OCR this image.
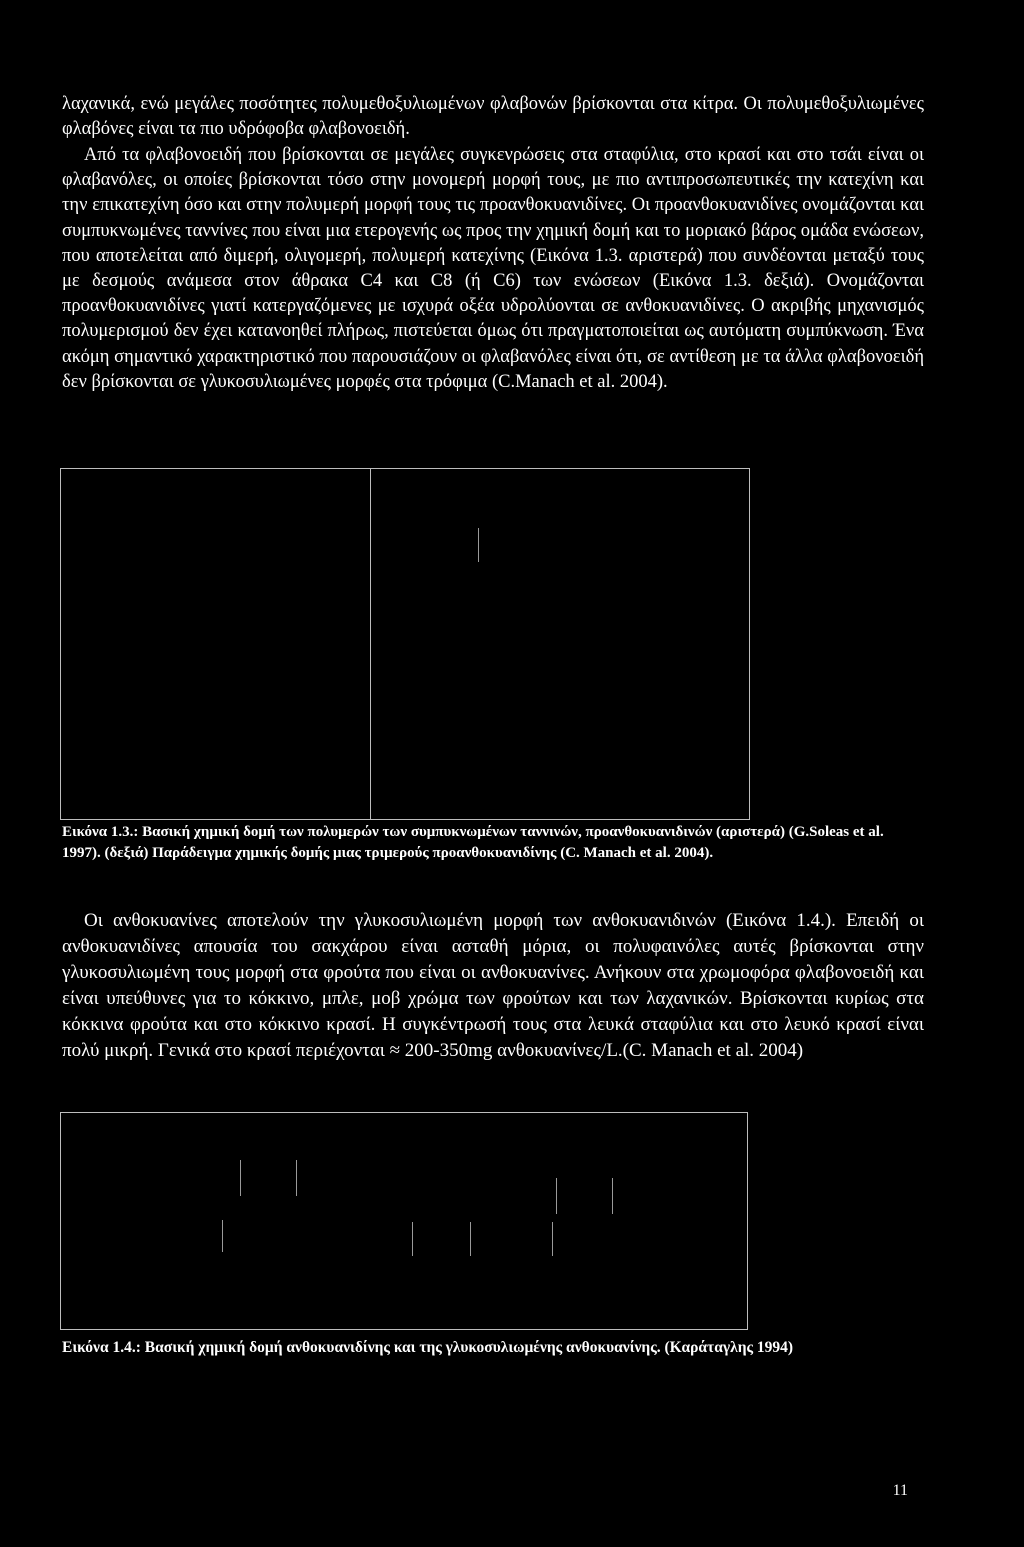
λαχανικά, ενώ μεγάλες ποσότητες πολυμεθοξυλιωμένων φλαβονών βρίσκονται στα κίτρα. Οι πολυμεθοξυλιωμένες φλαβόνες είναι τα πιο υδρόφοβα φλαβονοειδή.

Από τα φλαβονοειδή που βρίσκονται σε μεγάλες συγκενρώσεις στα σταφύλια, στο κρασί και στο τσάι είναι οι φλαβανόλες, οι οποίες βρίσκονται τόσο στην μονομερή μορφή τους, με πιο αντιπροσωπευτικές την κατεχίνη και την επικατεχίνη όσο και στην πολυμερή μορφή τους τις προανθοκυανιδίνες. Οι προανθοκυανιδίνες ονομάζονται και συμπυκνωμένες ταννίνες που είναι μια ετερογενής ως προς την χημική δομή και το μοριακό βάρος ομάδα ενώσεων, που αποτελείται από διμερή, ολιγομερή, πολυμερή κατεχίνης (Εικόνα 1.3. αριστερά) που συνδέονται μεταξύ τους με δεσμούς ανάμεσα στον άθρακα C4 και C8 (ή C6) των ενώσεων (Εικόνα 1.3. δεξιά). Ονομάζονται προανθοκυανιδίνες γιατί κατεργαζόμενες με ισχυρά οξέα υδρολύονται σε ανθοκυανιδίνες. Ο ακριβής μηχανισμός πολυμερισμού δεν έχει κατανοηθεί πλήρως, πιστεύεται όμως ότι πραγματοποιείται ως αυτόματη συμπύκνωση. Ένα ακόμη σημαντικό χαρακτηριστικό που παρουσιάζουν οι φλαβανόλες είναι ότι, σε αντίθεση με τα άλλα φλαβονοειδή δεν βρίσκονται σε γλυκοσυλιωμένες μορφές στα τρόφιμα (C.Manach et al. 2004).

Εικόνα 1.3.: Βασική χημική δομή των πολυμερών των συμπυκνωμένων ταννινών, προανθοκυανιδινών (αριστερά) (G.Soleas et al. 1997). (δεξιά) Παράδειγμα χημικής δομής μιας τριμερούς προανθοκυανιδίνης (C. Manach et al. 2004).

Οι ανθοκυανίνες αποτελούν την γλυκοσυλιωμένη μορφή των ανθοκυανιδινών (Εικόνα 1.4.). Επειδή οι ανθοκυανιδίνες απουσία του σακχάρου είναι ασταθή μόρια, οι πολυφαινόλες αυτές βρίσκονται στην γλυκοσυλιωμένη τους μορφή στα φρούτα που είναι οι ανθοκυανίνες. Ανήκουν στα χρωμοφόρα φλαβονοειδή και είναι υπεύθυνες για το κόκκινο, μπλε, μοβ χρώμα των φρούτων και των λαχανικών. Βρίσκονται κυρίως στα κόκκινα φρούτα και στο κόκκινο κρασί. Η συγκέντρωσή τους στα λευκά σταφύλια και στο λευκό κρασί είναι πολύ μικρή. Γενικά στο κρασί περιέχονται ≈ 200-350mg ανθοκυανίνες/L.(C. Manach et al. 2004)

Εικόνα 1.4.: Βασική χημική δομή ανθοκυανιδίνης και της γλυκοσυλιωμένης ανθοκυανίνης. (Καράταγλης 1994)

11
